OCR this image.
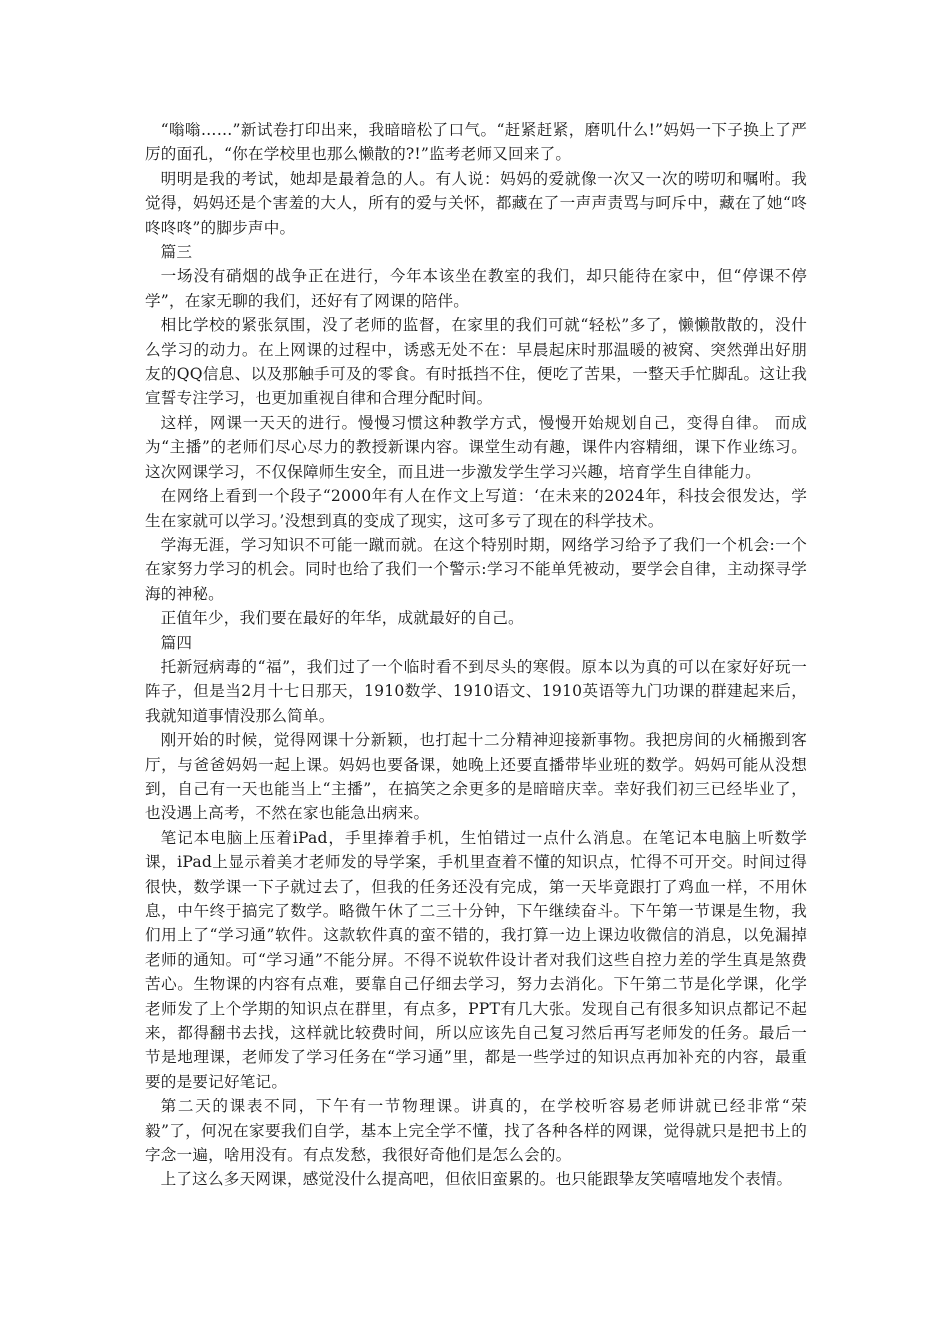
“嗡嗡……”新试卷打印出来，我暗暗松了口气。“赶紧赶紧，磨叽什么!”妈妈一下子换上了严厉的面孔，“你在学校里也那么懒散的?!”监考老师又回来了。

明明是我的考试，她却是最着急的人。有人说：妈妈的爱就像一次又一次的唠叨和嘱咐。我觉得，妈妈还是个害羞的大人，所有的爱与关怀，都藏在了一声声责骂与呵斥中，藏在了她“咚咚咚咚”的脚步声中。

篇三

一场没有硝烟的战争正在进行，今年本该坐在教室的我们，却只能待在家中，但“停课不停学”，在家无聊的我们，还好有了网课的陪伴。

相比学校的紧张氛围，没了老师的监督，在家里的我们可就“轻松”多了，懒懒散散的，没什么学习的动力。在上网课的过程中，诱惑无处不在：早晨起床时那温暖的被窝、突然弹出好朋友的QQ信息、以及那触手可及的零食。有时抵挡不住，便吃了苦果，一整天手忙脚乱。这让我宣誓专注学习，也更加重视自律和合理分配时间。

这样，网课一天天的进行。慢慢习惯这种教学方式，慢慢开始规划自己，变得自律。 而成为“主播”的老师们尽心尽力的教授新课内容。课堂生动有趣，课件内容精细，课下作业练习。这次网课学习，不仅保障师生安全，而且进一步激发学生学习兴趣，培育学生自律能力。

在网络上看到一个段子“2000年有人在作文上写道：‘在未来的2024年，科技会很发达，学生在家就可以学习。’没想到真的变成了现实，这可多亏了现在的科学技术。

学海无涯，学习知识不可能一蹴而就。在这个特别时期，网络学习给予了我们一个机会:一个在家努力学习的机会。同时也给了我们一个警示:学习不能单凭被动，要学会自律，主动探寻学海的神秘。

正值年少，我们要在最好的年华，成就最好的自己。

篇四

托新冠病毒的“福”，我们过了一个临时看不到尽头的寒假。原本以为真的可以在家好好玩一阵子，但是当2月十七日那天，1910数学、1910语文、1910英语等九门功课的群建起来后，我就知道事情没那么简单。

刚开始的时候，觉得网课十分新颖，也打起十二分精神迎接新事物。我把房间的火桶搬到客厅，与爸爸妈妈一起上课。妈妈也要备课，她晚上还要直播带毕业班的数学。妈妈可能从没想到，自己有一天也能当上“主播”，在搞笑之余更多的是暗暗庆幸。幸好我们初三已经毕业了，也没遇上高考，不然在家也能急出病来。

笔记本电脑上压着iPad，手里捧着手机，生怕错过一点什么消息。在笔记本电脑上听数学课，iPad上显示着美才老师发的导学案，手机里查着不懂的知识点，忙得不可开交。时间过得很快，数学课一下子就过去了，但我的任务还没有完成，第一天毕竟跟打了鸡血一样，不用休息，中午终于搞完了数学。略微午休了二三十分钟，下午继续奋斗。下午第一节课是生物，我们用上了“学习通”软件。这款软件真的蛮不错的，我打算一边上课边收微信的消息，以免漏掉老师的通知。可“学习通”不能分屏。不得不说软件设计者对我们这些自控力差的学生真是煞费苦心。生物课的内容有点难，要靠自己仔细去学习，努力去消化。下午第二节是化学课，化学老师发了上个学期的知识点在群里，有点多，PPT有几大张。发现自己有很多知识点都记不起来，都得翻书去找，这样就比较费时间，所以应该先自己复习然后再写老师发的任务。最后一节是地理课，老师发了学习任务在“学习通”里，都是一些学过的知识点再加补充的内容，最重要的是要记好笔记。

第二天的课表不同，下午有一节物理课。讲真的，在学校听容易老师讲就已经非常“荣毅”了，何况在家要我们自学，基本上完全学不懂，找了各种各样的网课，觉得就只是把书上的字念一遍，啥用没有。有点发愁，我很好奇他们是怎么会的。

上了这么多天网课，感觉没什么提高吧，但依旧蛮累的。也只能跟挚友笑嘻嘻地发个表情。
